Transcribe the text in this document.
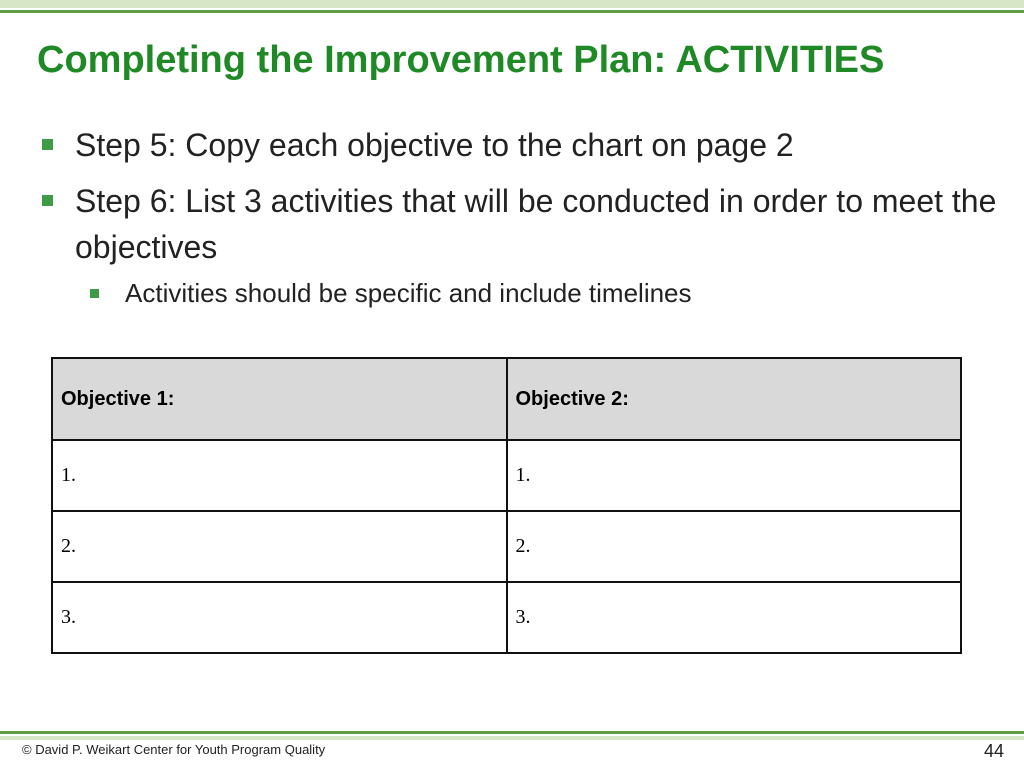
Completing the Improvement Plan: ACTIVITIES
Step 5: Copy each objective to the chart on page 2
Step 6: List 3 activities that will be conducted in order to meet the objectives
Activities should be specific and include timelines
Objective 1:	Objective 2:
1.	1.
2.	2.
3.	3.
© David P. Weikart Center for Youth Program Quality	44
